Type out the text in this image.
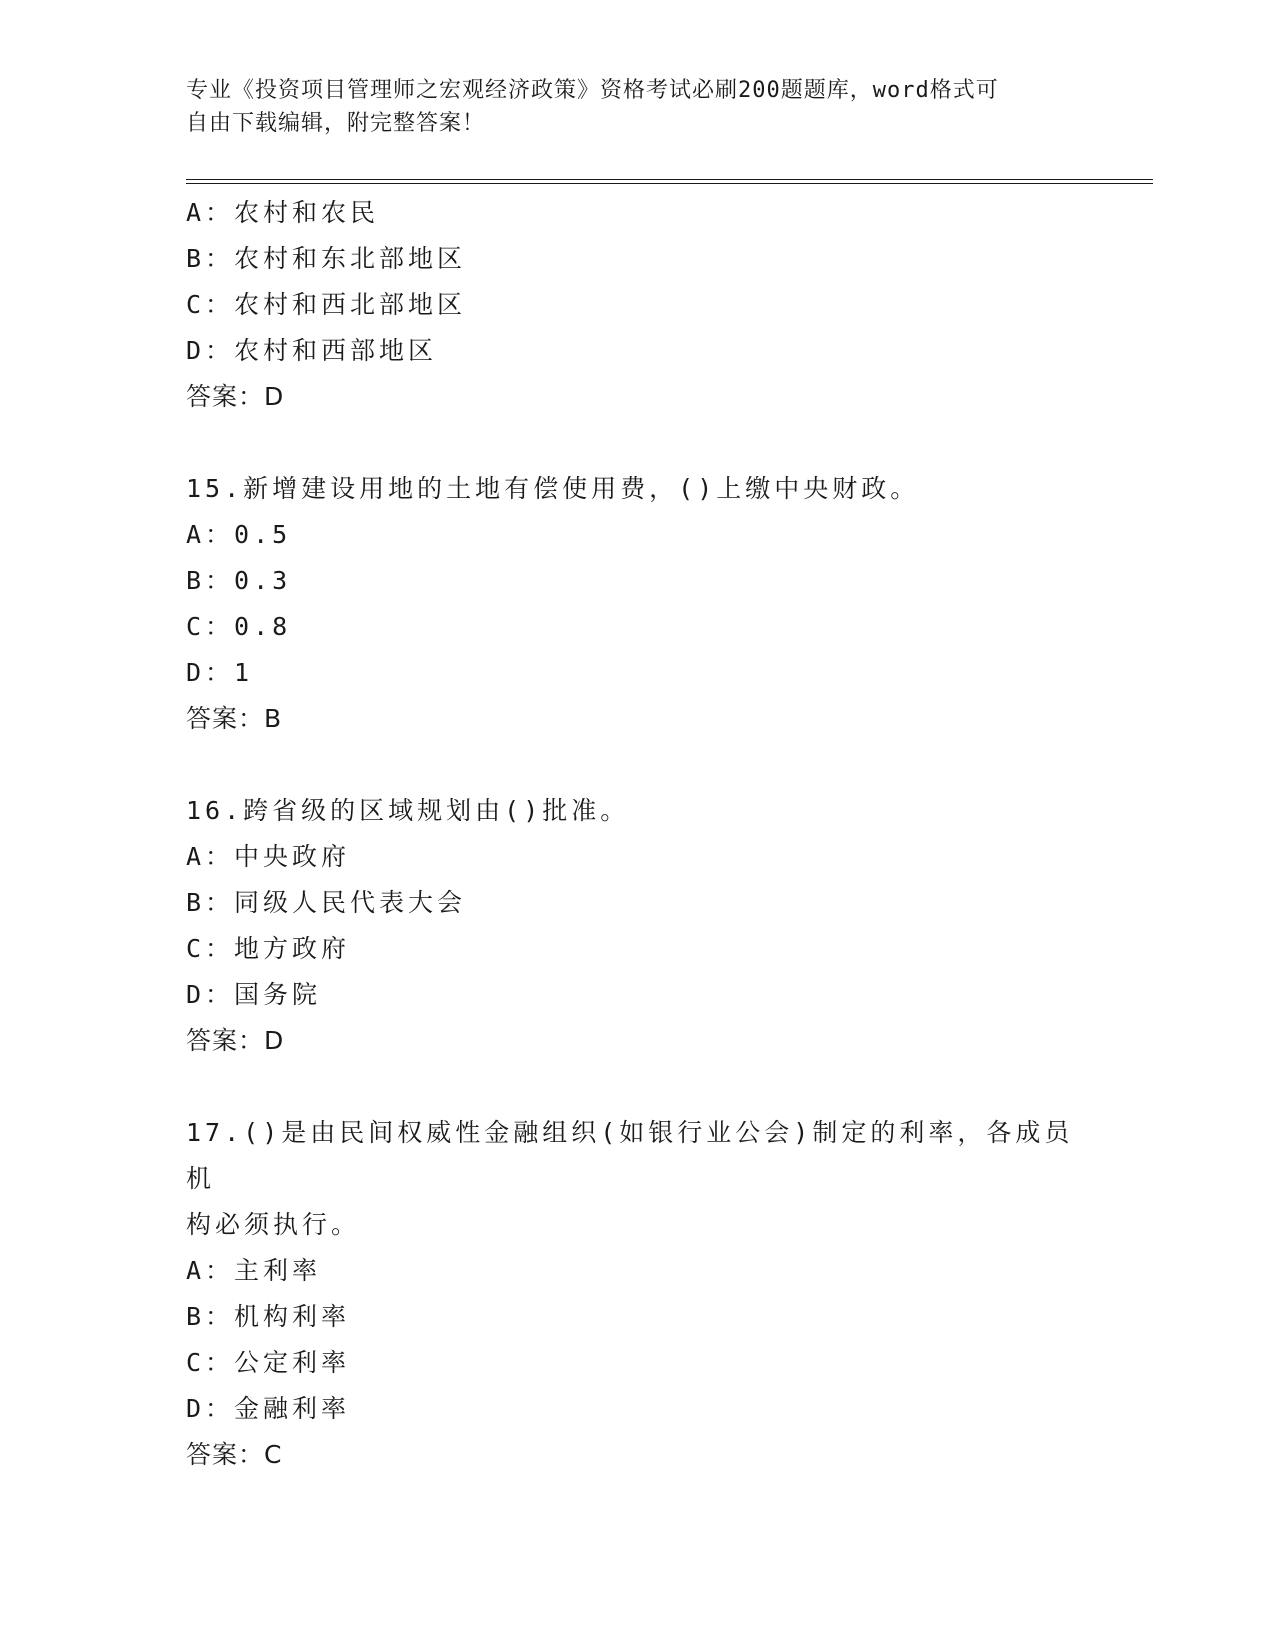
专业《投资项目管理师之宏观经济政策》资格考试必刷200题题库，word格式可
自由下载编辑，附完整答案！
A：农村和农民
B：农村和东北部地区
C：农村和西北部地区
D：农村和西部地区
答案：D
15.新增建设用地的土地有偿使用费，()上缴中央财政。
A：0.5
B：0.3
C：0.8
D：1
答案：B
16.跨省级的区域规划由()批准。
A：中央政府
B：同级人民代表大会
C：地方政府
D：国务院
答案：D
17.()是由民间权威性金融组织(如银行业公会)制定的利率，各成员机
构必须执行。
A：主利率
B：机构利率
C：公定利率
D：金融利率
答案：C
